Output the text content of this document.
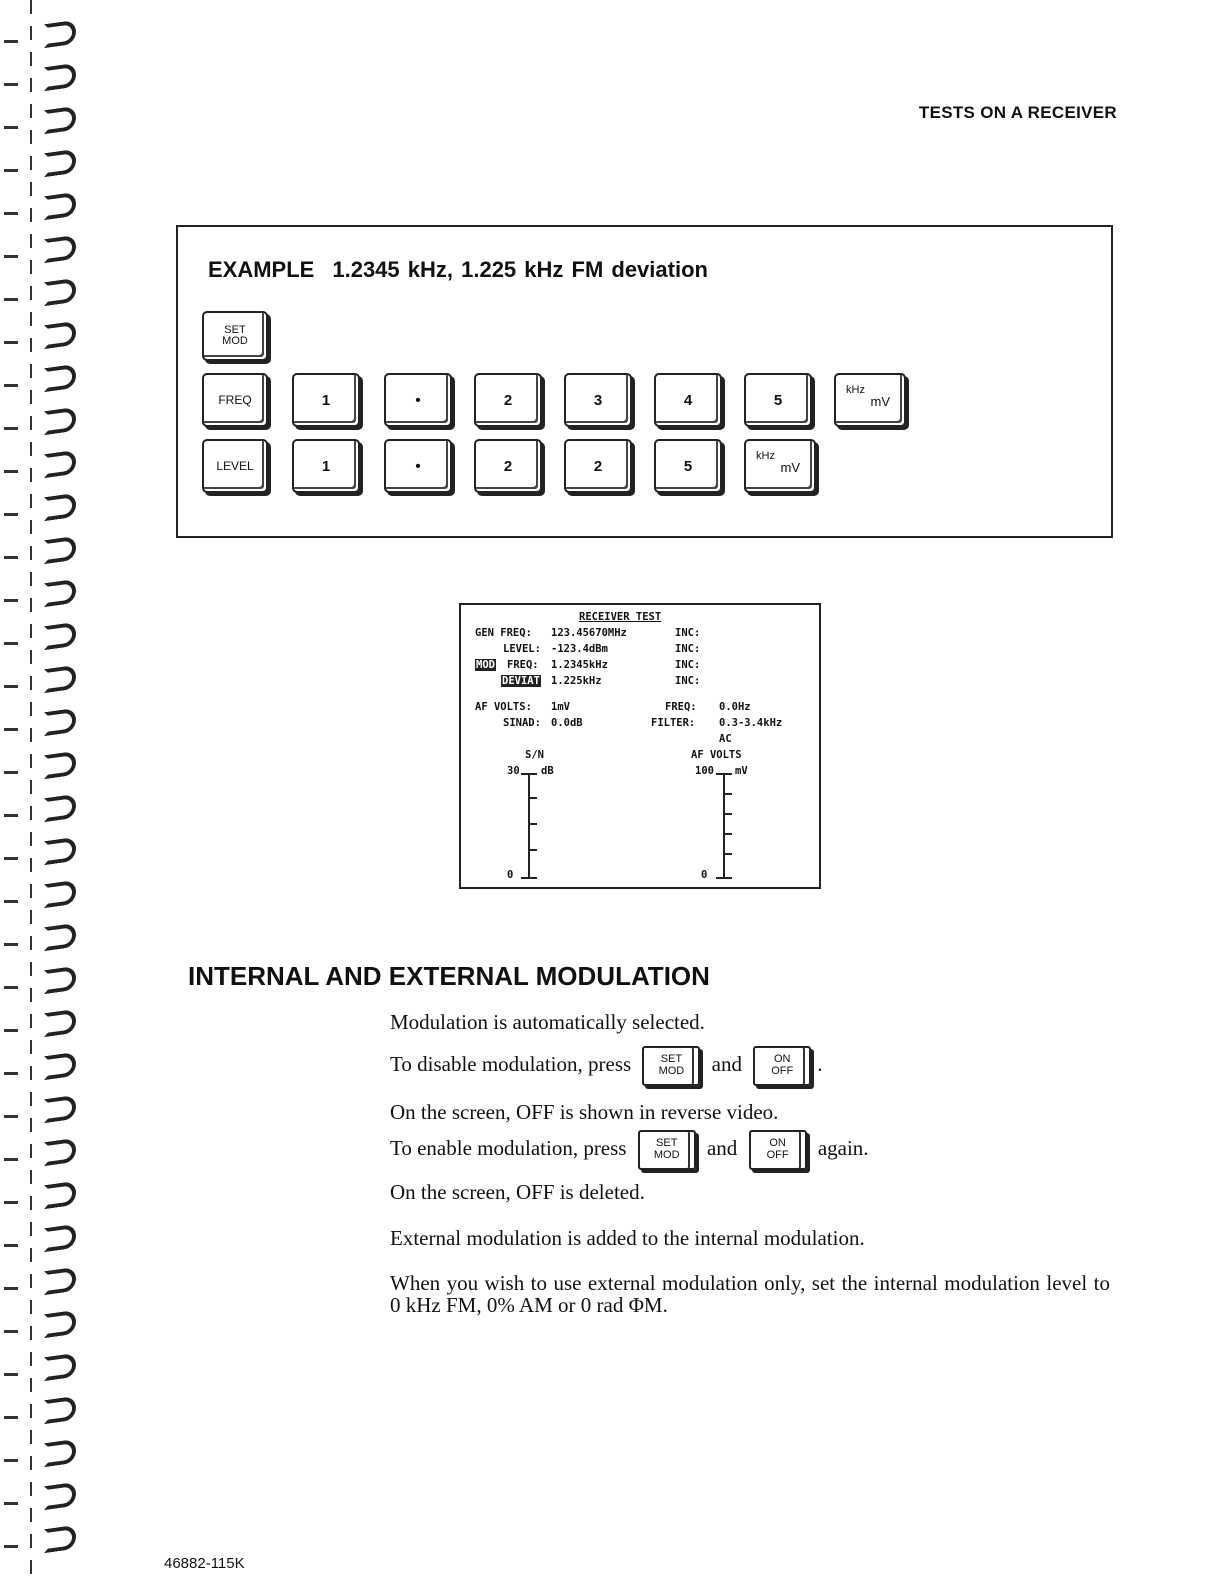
TESTS ON A RECEIVER
EXAMPLE 1.2345 kHz, 1.225 kHz FM deviation
SET
MOD
FREQ	1	•	2	3	4	5
kHz
mV
LEVEL	1	•	2	2	5
kHz
mV
RECEIVER TEST
GEN FREQ: 123.45670MHz	INC:
LEVEL: -123.4dBm	INC:
MOD FREQ: 1.2345kHz	INC:
DEVIAT 1.225kHz	INC:
AF VOLTS: 1mV	FREQ: 0.0Hz
SINAD: 0.0dB	FILTER: 0.3-3.4kHz
AC
S/N	AF VOLTS
30 dB	100 mV
0	0
INTERNAL AND EXTERNAL MODULATION
Modulation is automatically selected.
To disable modulation, press	SET
MOD and	ON
OFF .
On the screen, OFF is shown in reverse video.
To enable modulation, press	SET
MOD and	ON
OFF again.
On the screen, OFF is deleted.
External modulation is added to the internal modulation.
When you wish to use external modulation only, set the internal modulation level to 0 kHz FM, 0% AM or 0 rad ΦM.
46882-115K
